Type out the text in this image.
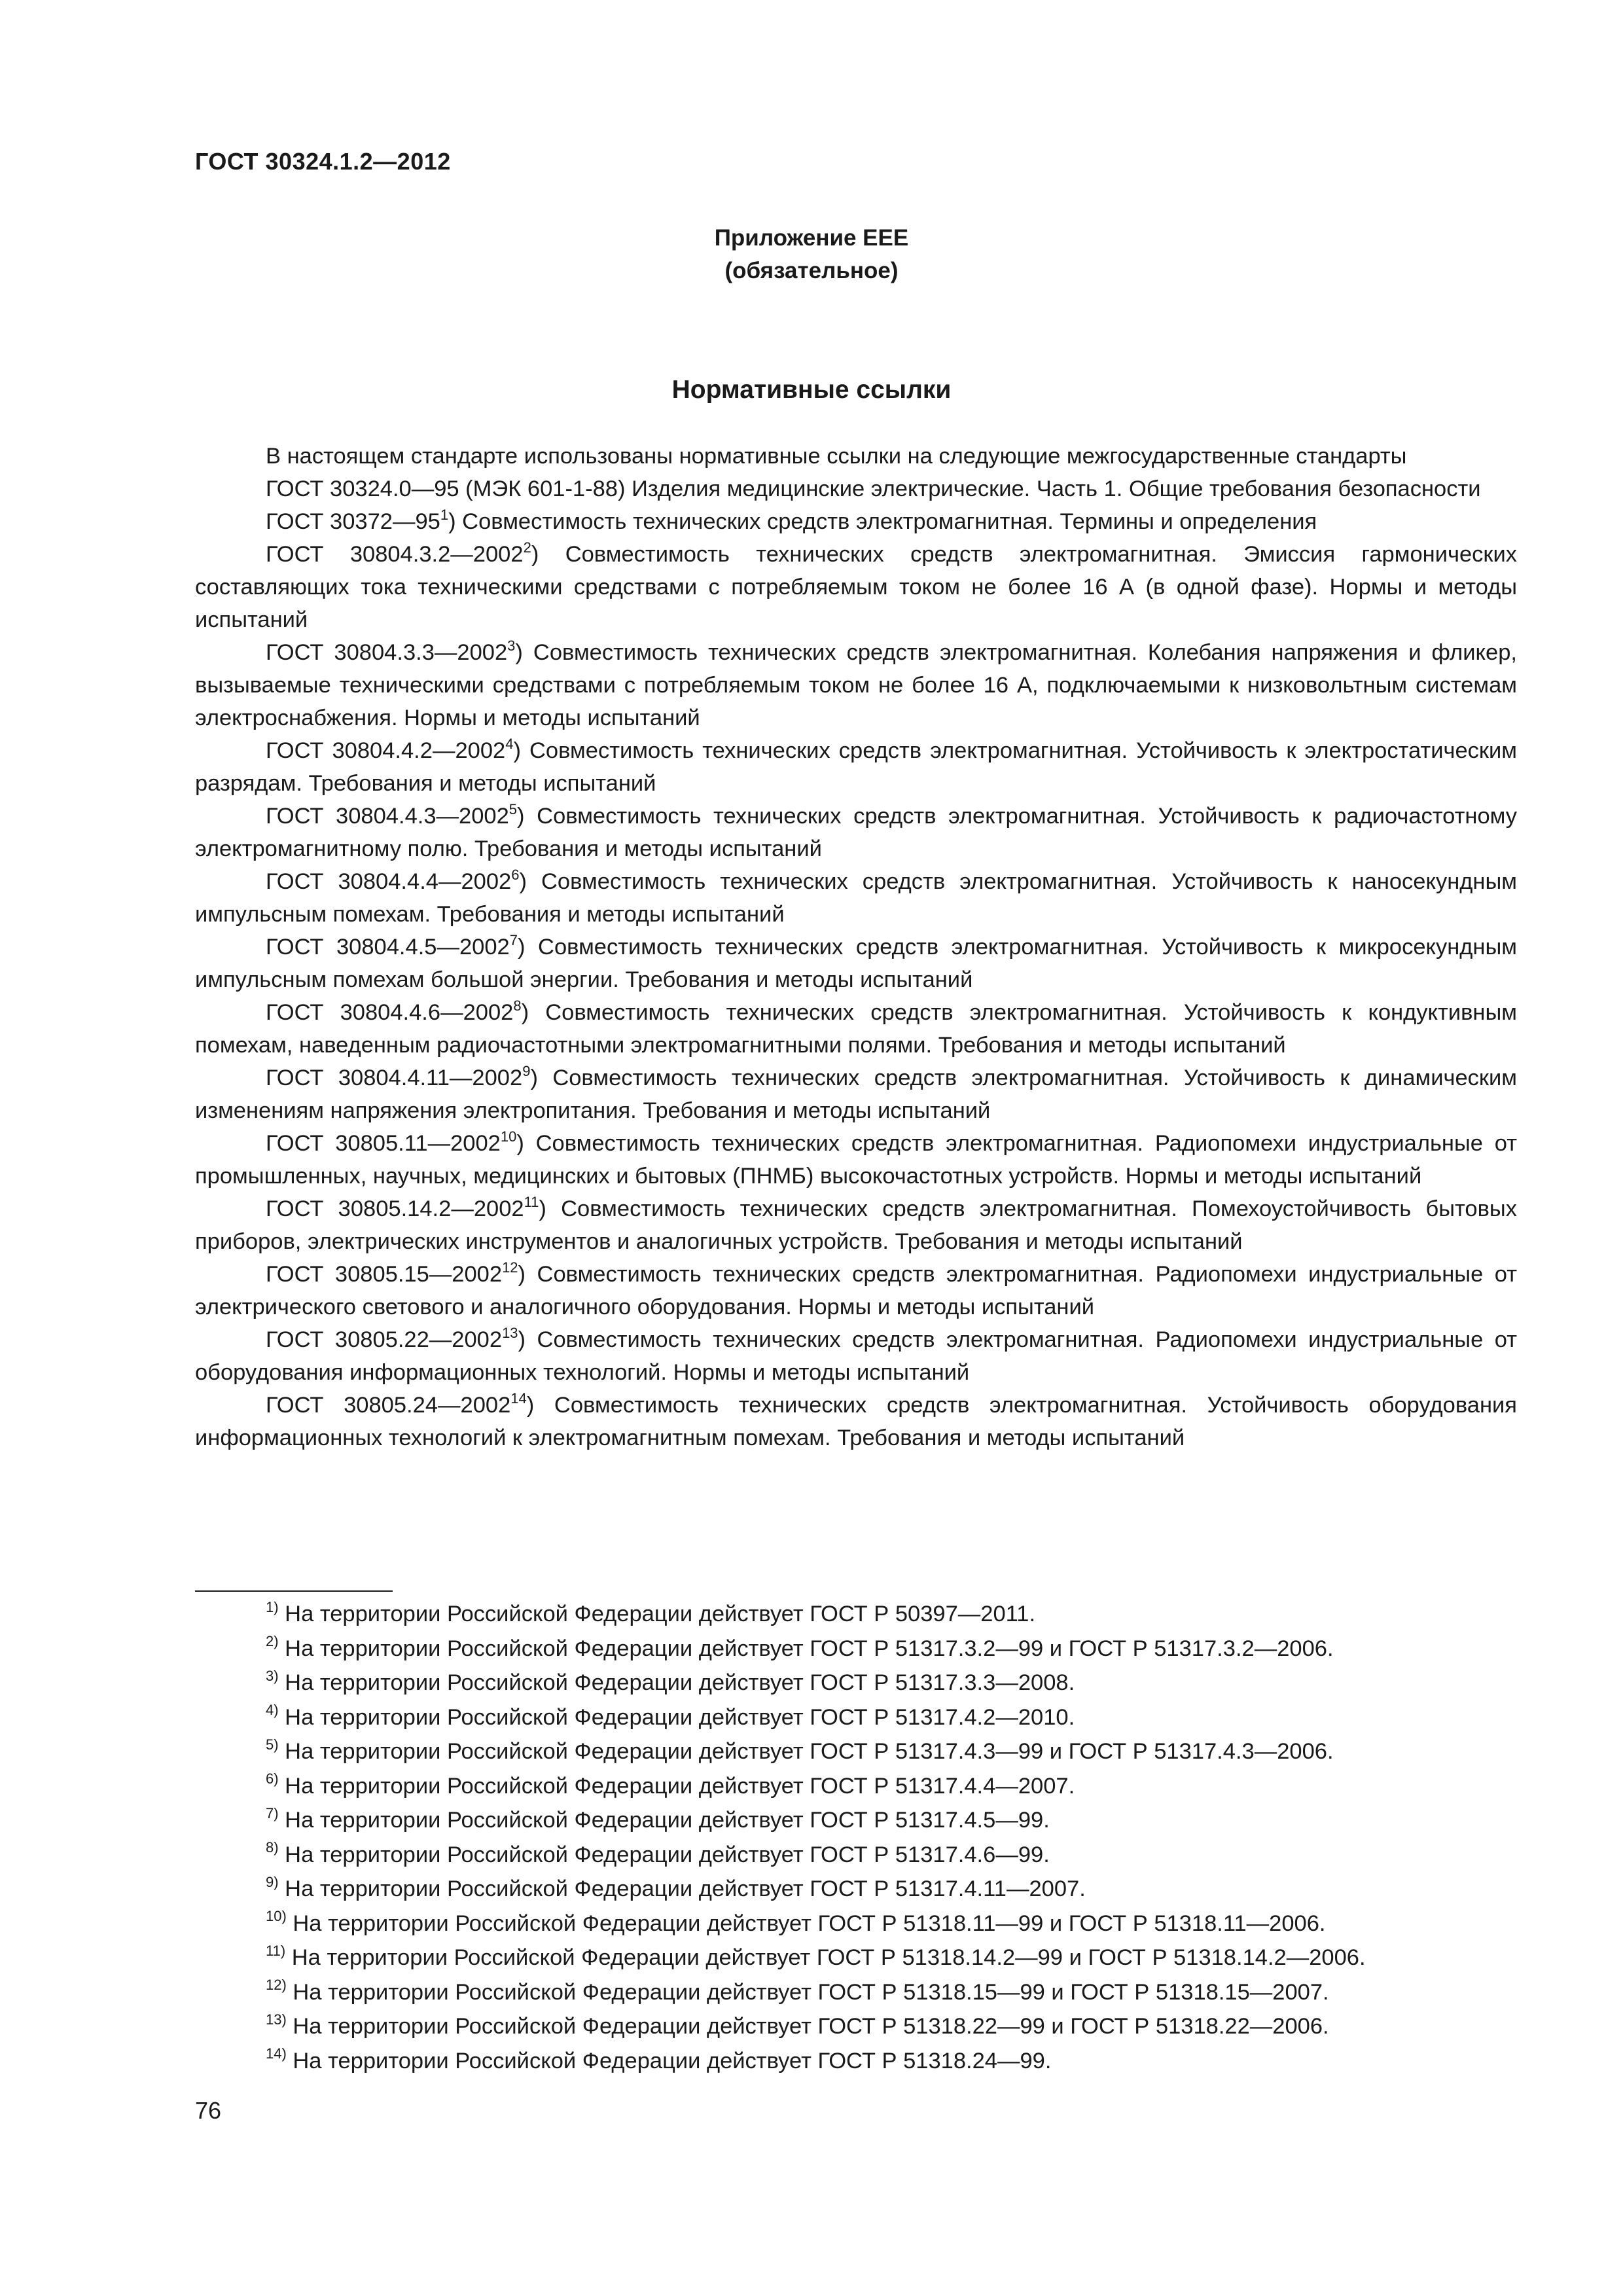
ГОСТ 30324.1.2—2012
Приложение ЕЕЕ
(обязательное)
Нормативные ссылки

В настоящем стандарте использованы нормативные ссылки на следующие межгосударственные стандарты

ГОСТ 30324.0—95 (МЭК 601-1-88) Изделия медицинские электрические. Часть 1. Общие требования безопасности

ГОСТ $30372—95^1$) Совместимость технических средств электромагнитная. Термины и определения

ГОСТ 30804.3.2—2002$^2$) Совместимость технических средств электромагнитная. Эмиссия гармонических составляющих тока техническими средствами с потребляемым током не более 16 А (в одной фазе). Нормы и методы испытаний

ГОСТ 30804.3.3—2002$^3$) Совместимость технических средств электромагнитная. Колебания напряжения и фликер, вызываемые техническими средствами с потребляемым током не более 16 А, подключаемыми к низковольтным системам электроснабжения. Нормы и методы испытаний

ГОСТ 30804.4.2—2002$^4$) Совместимость технических средств электромагнитная. Устойчивость к электростатическим разрядам. Требования и методы испытаний

ГОСТ 30804.4.3—2002$^5$) Совместимость технических средств электромагнитная. Устойчивость к радиочастотному электромагнитному полю. Требования и методы испытаний

ГОСТ 30804.4.4—2002$^6$) Совместимость технических средств электромагнитная. Устойчивость к наносекундным импульсным помехам. Требования и методы испытаний

ГОСТ 30804.4.5—2002$^7$) Совместимость технических средств электромагнитная. Устойчивость к микросекундным импульсным помехам большой энергии. Требования и методы испытаний

ГОСТ 30804.4.6—2002$^8$) Совместимость технических средств электромагнитная. Устойчивость к кондуктивным помехам, наведенным радиочастотными электромагнитными полями. Требования и методы испытаний

ГОСТ 30804.4.11—2002$^9$) Совместимость технических средств электромагнитная. Устойчивость к динамическим изменениям напряжения электропитания. Требования и методы испытаний

ГОСТ 30805.11—2002$^{10}$) Совместимость технических средств электромагнитная. Радиопомехи индустриальные от промышленных, научных, медицинских и бытовых (ПНМБ) высокочастотных устройств. Нормы и методы испытаний

ГОСТ 30805.14.2—2002$^{11}$) Совместимость технических средств электромагнитная. Помехоустойчивость бытовых приборов, электрических инструментов и аналогичных устройств. Требования и методы испытаний

ГОСТ 30805.15—2002$^{12}$) Совместимость технических средств электромагнитная. Радиопомехи индустриальные от электрического светового и аналогичного оборудования. Нормы и методы испытаний

ГОСТ 30805.22—2002$^{13}$) Совместимость технических средств электромагнитная. Радиопомехи индустриальные от оборудования информационных технологий. Нормы и методы испытаний

ГОСТ 30805.24—2002$^{14}$) Совместимость технических средств электромагнитная. Устойчивость оборудования информационных технологий к электромагнитным помехам. Требования и методы испытаний

$^{1)}$ На территории Российской Федерации действует ГОСТ Р 50397—2011.
$^{2)}$ На территории Российской Федерации действует ГОСТ Р 51317.3.2—99 и ГОСТ Р 51317.3.2—2006.
$^{3)}$ На территории Российской Федерации действует ГОСТ Р 51317.3.3—2008.
$^{4)}$ На территории Российской Федерации действует ГОСТ Р 51317.4.2—2010.
$^{5)}$ На территории Российской Федерации действует ГОСТ Р 51317.4.3—99 и ГОСТ Р 51317.4.3—2006.
$^{6)}$ На территории Российской Федерации действует ГОСТ Р 51317.4.4—2007.
$^{7)}$ На территории Российской Федерации действует ГОСТ Р 51317.4.5—99.
$^{8)}$ На территории Российской Федерации действует ГОСТ Р 51317.4.6—99.
$^{9)}$ На территории Российской Федерации действует ГОСТ Р 51317.4.11—2007.
$^{10)}$ На территории Российской Федерации действует ГОСТ Р 51318.11—99 и ГОСТ Р 51318.11—2006.
$^{11)}$ На территории Российской Федерации действует ГОСТ Р 51318.14.2—99 и ГОСТ Р 51318.14.2—2006.
$^{12)}$ На территории Российской Федерации действует ГОСТ Р 51318.15—99 и ГОСТ Р 51318.15—2007.
$^{13)}$ На территории Российской Федерации действует ГОСТ Р 51318.22—99 и ГОСТ Р 51318.22—2006.
$^{14)}$ На территории Российской Федерации действует ГОСТ Р 51318.24—99.
76
